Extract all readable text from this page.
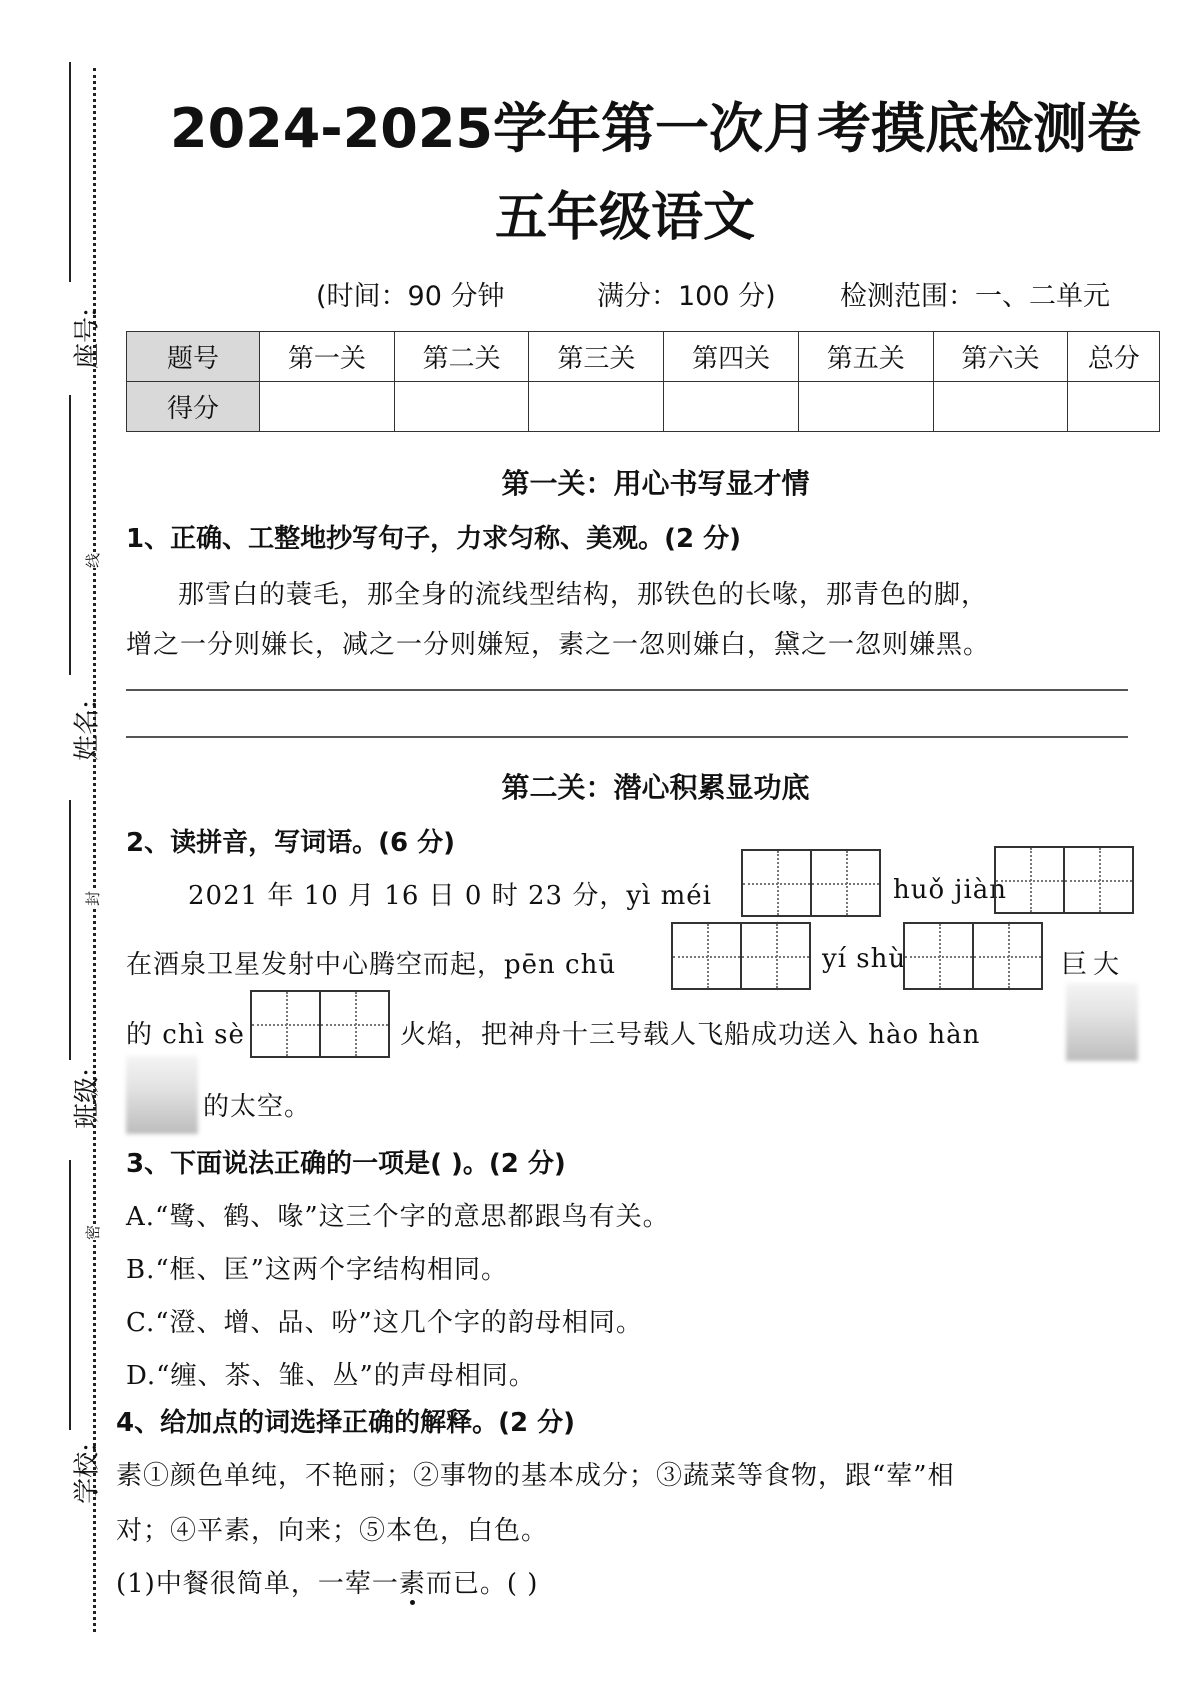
座号:
姓名:
班级:
学校:
线
封
密
2024-2025学年第一次月考摸底检测卷
五年级语文
(时间：90 分钟	满分：100 分) 检测范围：一、二单元
题号	第一关	第二关	第三关	第四关	第五关	第六关	总分
得分							
第一关：用心书写显才情
1、正确、工整地抄写句子，力求匀称、美观。(2 分)
那雪白的蓑毛，那全身的流线型结构，那铁色的长喙，那青色的脚，
增之一分则嫌长，减之一分则嫌短，素之一忽则嫌白，黛之一忽则嫌黑。
第二关：潜心积累显功底
2、读拼音，写词语。(6 分)
2021 年 10 月 16 日 0 时 23 分，yì méi	huǒ jiàn
在酒泉卫星发射中心腾空而起，pēn chū	yí shù	巨大
的 chì sè	火焰，把神舟十三号载人飞船成功送入 hào hàn
的太空。
3、下面说法正确的一项是( )。(2 分)
A.“鹭、鹤、喙”这三个字的意思都跟鸟有关。
B.“框、匡”这两个字结构相同。
C.“澄、增、品、吩”这几个字的韵母相同。
D.“缠、茶、雏、丛”的声母相同。
4、给加点的词选择正确的解释。(2 分)
素①颜色单纯，不艳丽；②事物的基本成分；③蔬菜等食物，跟“荤”相
对；④平素，向来；⑤本色，白色。
(1)中餐很简单，一荤一素而已。( )
